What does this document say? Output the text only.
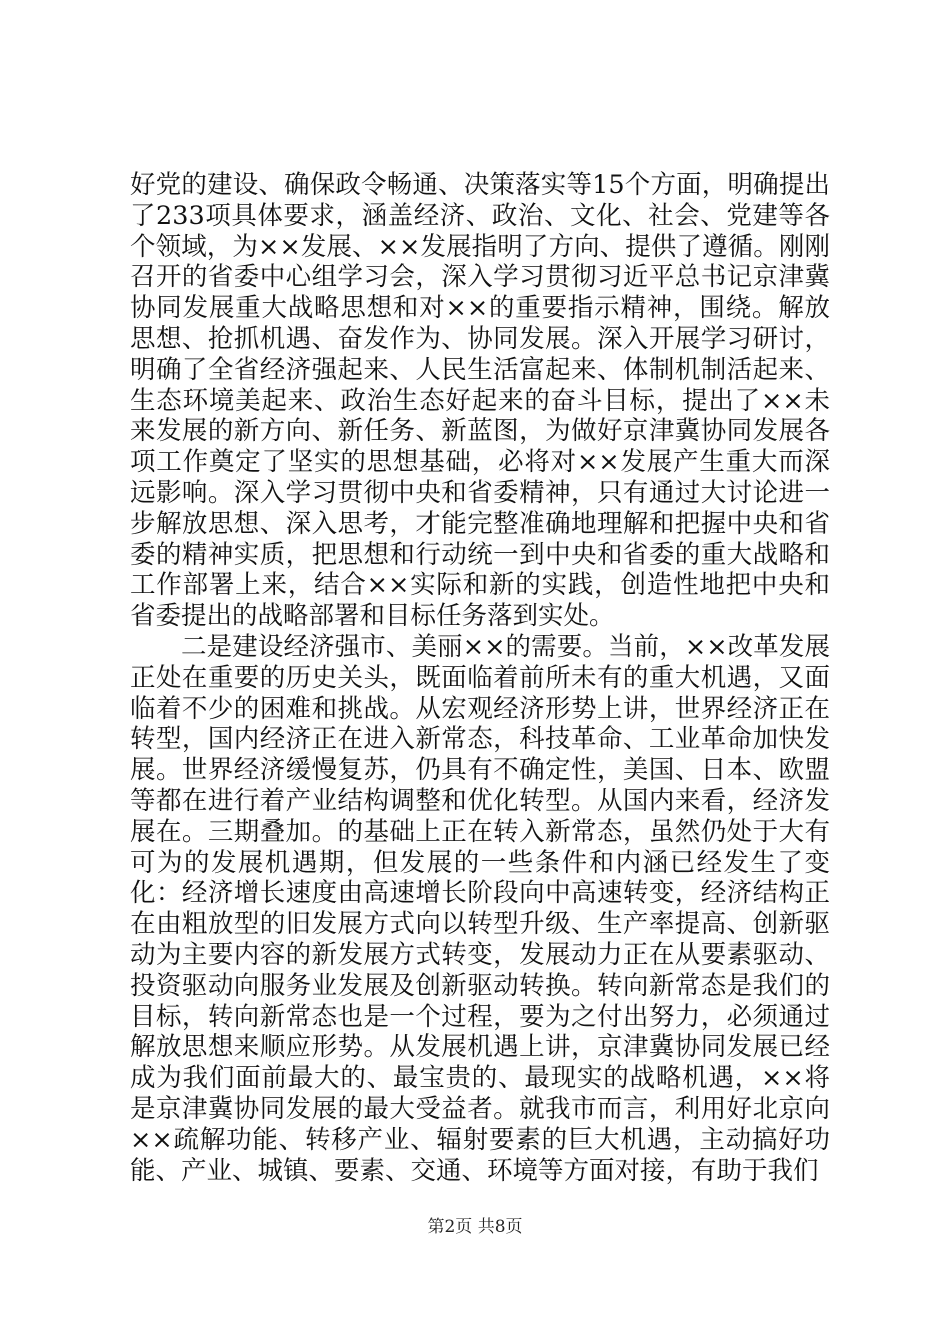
好党的建设、确保政令畅通、决策落实等15个方面，明确提出了233项具体要求，涵盖经济、政治、文化、社会、党建等各个领域，为××发展、××发展指明了方向、提供了遵循。刚刚召开的省委中心组学习会，深入学习贯彻习近平总书记京津冀协同发展重大战略思想和对××的重要指示精神，围绕。解放思想、抢抓机遇、奋发作为、协同发展。深入开展学习研讨，明确了全省经济强起来、人民生活富起来、体制机制活起来、生态环境美起来、政治生态好起来的奋斗目标，提出了××未来发展的新方向、新任务、新蓝图，为做好京津冀协同发展各项工作奠定了坚实的思想基础，必将对××发展产生重大而深远影响。深入学习贯彻中央和省委精神，只有通过大讨论进一步解放思想、深入思考，才能完整准确地理解和把握中央和省委的精神实质，把思想和行动统一到中央和省委的重大战略和工作部署上来，结合××实际和新的实践，创造性地把中央和省委提出的战略部署和目标任务落到实处。

二是建设经济强市、美丽××的需要。当前，××改革发展正处在重要的历史关头，既面临着前所未有的重大机遇，又面临着不少的困难和挑战。从宏观经济形势上讲，世界经济正在转型，国内经济正在进入新常态，科技革命、工业革命加快发展。世界经济缓慢复苏，仍具有不确定性，美国、日本、欧盟等都在进行着产业结构调整和优化转型。从国内来看，经济发展在。三期叠加。的基础上正在转入新常态，虽然仍处于大有可为的发展机遇期，但发展的一些条件和内涵已经发生了变化：经济增长速度由高速增长阶段向中高速转变，经济结构正在由粗放型的旧发展方式向以转型升级、生产率提高、创新驱动为主要内容的新发展方式转变，发展动力正在从要素驱动、投资驱动向服务业发展及创新驱动转换。转向新常态是我们的目标，转向新常态也是一个过程，要为之付出努力，必须通过解放思想来顺应形势。从发展机遇上讲，京津冀协同发展已经成为我们面前最大的、最宝贵的、最现实的战略机遇，××将是京津冀协同发展的最大受益者。就我市而言，利用好北京向××疏解功能、转移产业、辐射要素的巨大机遇，主动搞好功能、产业、城镇、要素、交通、环境等方面对接，有助于我们

第2页 共8页
